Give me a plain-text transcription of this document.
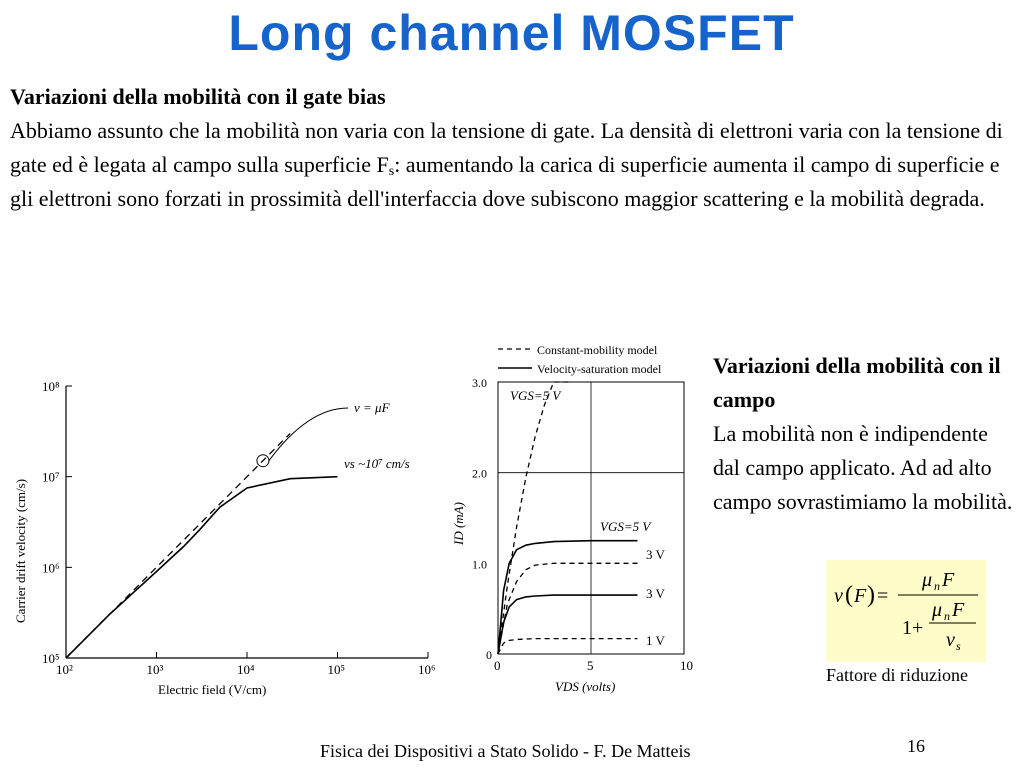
Long channel MOSFET

Variazioni della mobilità con il gate bias
Abbiamo assunto che la mobilità non varia con la tensione di gate. La densità di elettroni varia con la tensione di gate ed è legata al campo sulla superficie $F_s$: aumentando la carica di superficie aumenta il campo di superficie e gli elettroni sono forzati in prossimità dell'interfaccia dove subiscono maggior scattering e la mobilità degrada.

10²	10³	10⁴	10⁵	10⁶
10⁵
10⁶
10⁷
10⁸
v = μF
vs ~10⁷ cm/s
Electric field (V/cm)
Carrier drift velocity (cm/s)
0	5	10
0
1.0
2.0
3.0
VGS=5 V
VGS=5 V
3 V
3 V
1 V
Constant-mobility model
Velocity-saturation model
VDS (volts)
ID (mA)

Variazioni della mobilità con il campo
La mobilità non è indipendente dal campo applicato. Ad ad alto campo sovrastimiamo la mobilità.

v ( F ) =
μ n F
1+
μ n F
v s

Fattore di riduzione

Fisica dei Dispositivi a Stato Solido - F. De Matteis	16
